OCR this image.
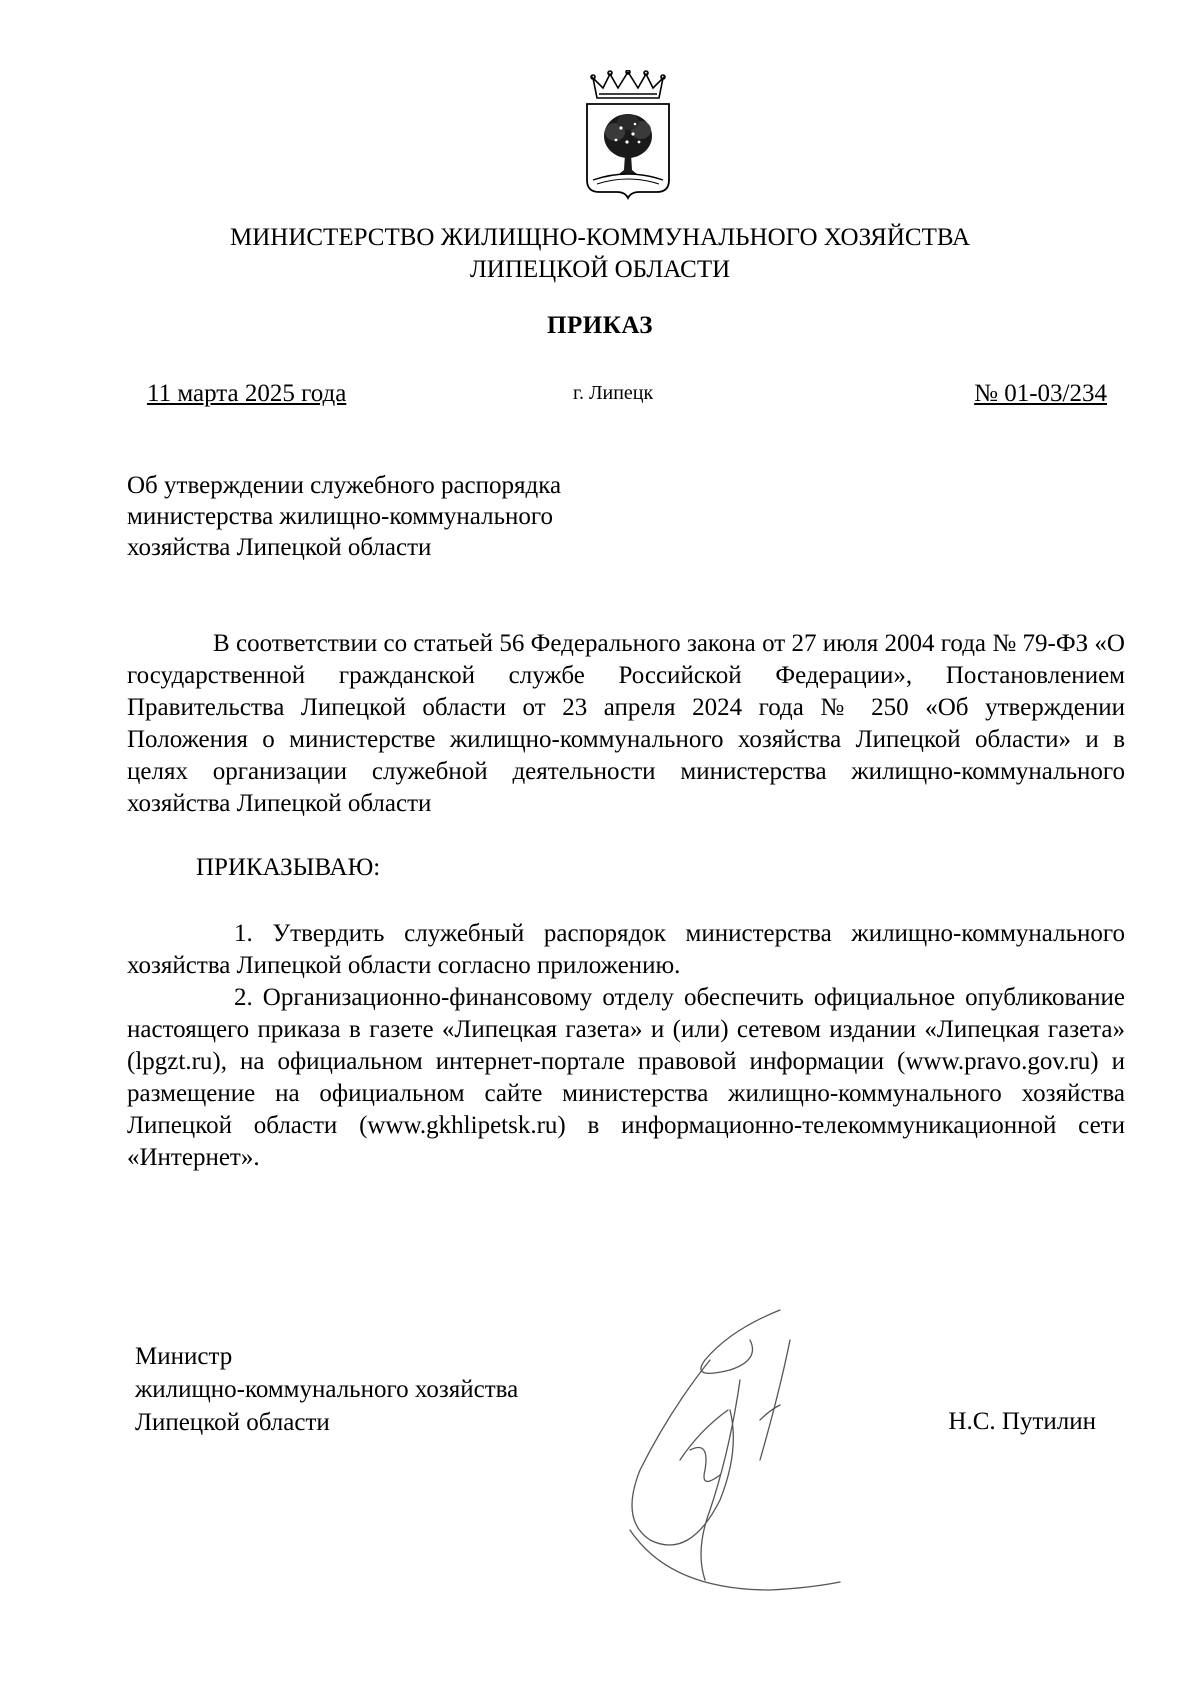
МИНИСТЕРСТВО ЖИЛИЩНО-КОММУНАЛЬНОГО ХОЗЯЙСТВА
ЛИПЕЦКОЙ ОБЛАСТИ
ПРИКАЗ
11 марта 2025 года	г. Липецк	№ 01-03/234
Об утверждении служебного распорядка
министерства жилищно-коммунального
хозяйства Липецкой области

В соответствии со статьей 56 Федерального закона от 27 июля 2004 года № 79-ФЗ «О государственной гражданской службе Российской Федерации», Постановлением Правительства Липецкой области от 23 апреля 2024 года № 250 «Об утверждении Положения о министерстве жилищно-коммунального хозяйства Липецкой области» и в целях организации служебной деятельности министерства жилищно-коммунального хозяйства Липецкой области

ПРИКАЗЫВАЮ:

1. Утвердить служебный распорядок министерства жилищно-коммунального хозяйства Липецкой области согласно приложению.

2. Организационно-финансовому отделу обеспечить официальное опубликование настоящего приказа в газете «Липецкая газета» и (или) сетевом издании «Липецкая газета» (lpgzt.ru), на официальном интернет-портале правовой информации (www.pravo.gov.ru) и размещение на официальном сайте министерства жилищно-коммунального хозяйства Липецкой области (www.gkhlipetsk.ru) в информационно-телекоммуникационной сети «Интернет».

Министр
жилищно-коммунального хозяйства
Липецкой области	Н.С. Путилин
